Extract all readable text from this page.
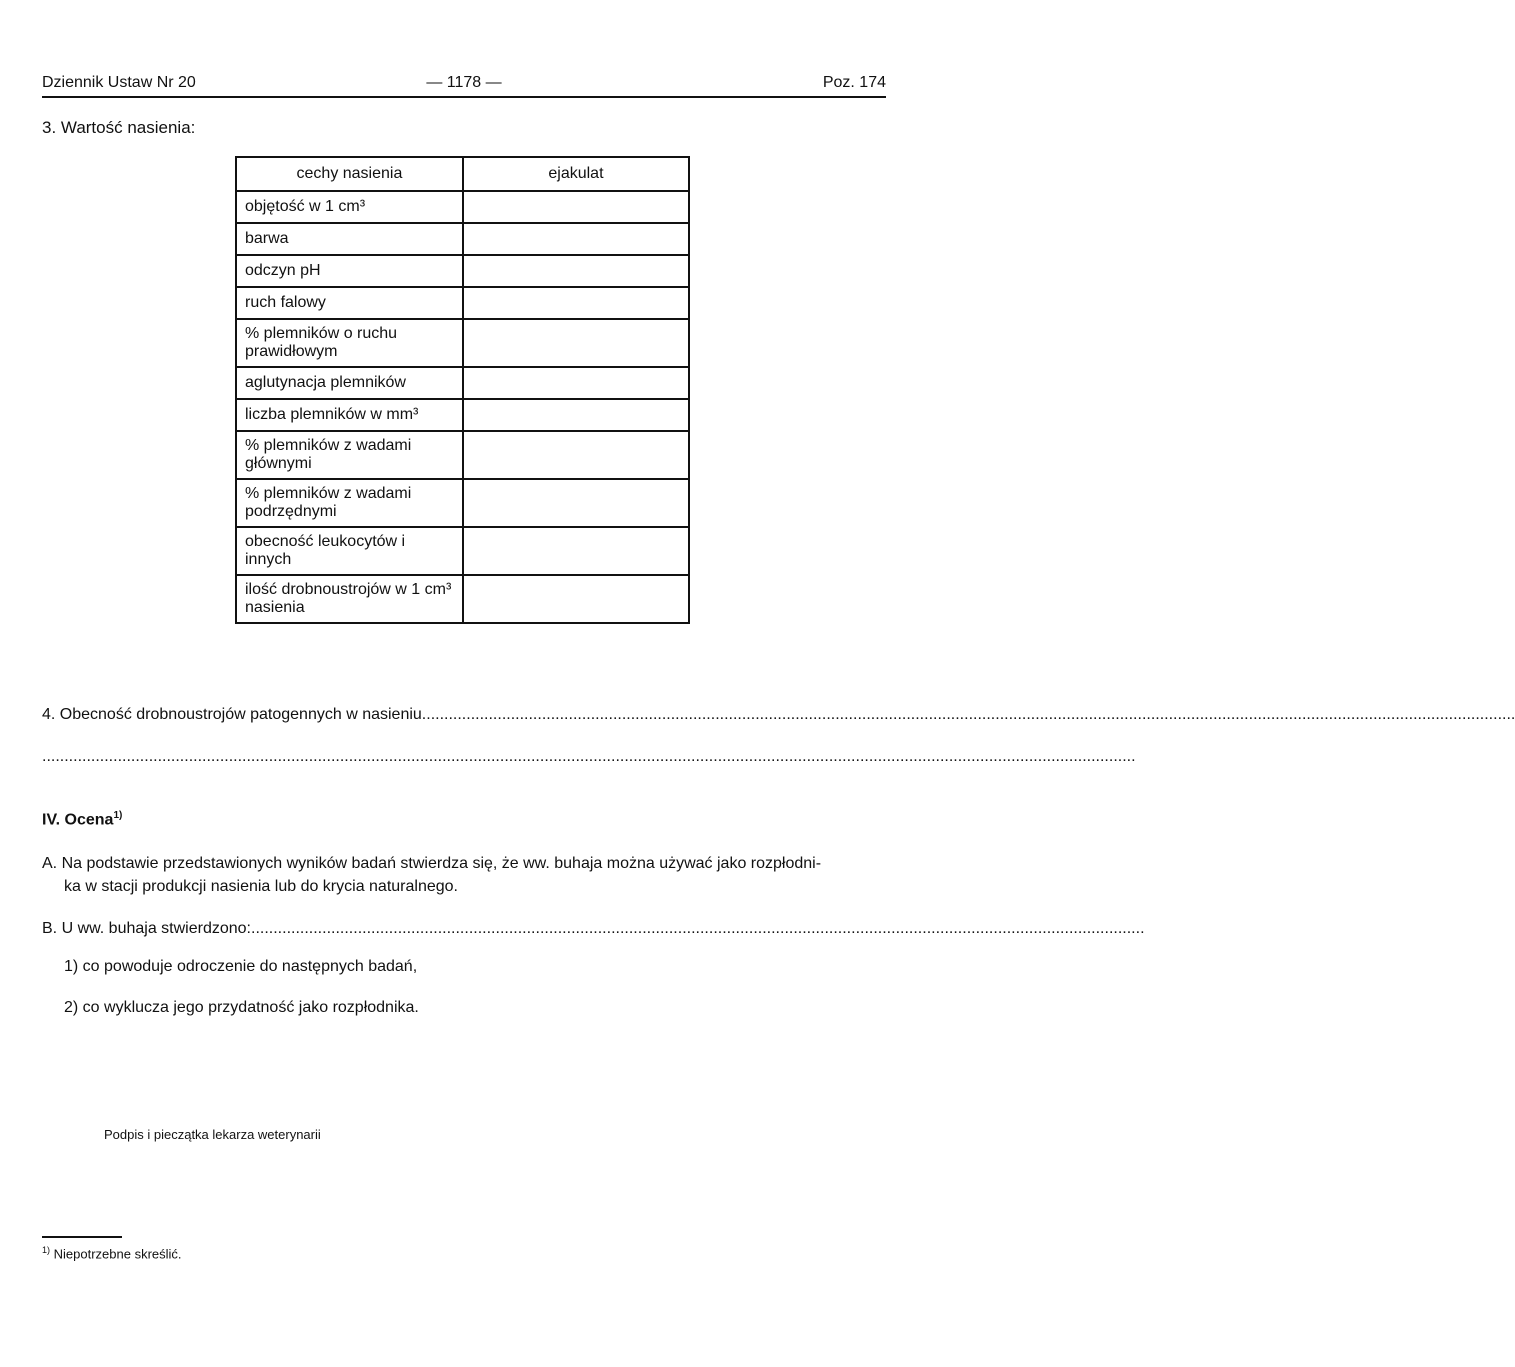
Dziennik Ustaw Nr 20	— 1178 —	Poz. 174
3. Wartość nasienia:
cechy nasienia	ejakulat
objętość w 1 cm³	
barwa	
odczyn pH	
ruch falowy	
% plemników o ruchu prawidłowym	
aglutynacja plemników	
liczba plemników w mm³	
% plemników z wadami głównymi	
% plemników z wadami podrzędnymi	
obecność leukocytów i innych	
ilość drobnoustrojów w 1 cm³ nasienia	
4. Obecność drobnoustrojów patogennych w nasieniu......................................................................................................................................................................................................................................................
......................................................................................................................................................................................................................................................
IV. Ocena$^{1)}$
A. Na podstawie przedstawionych wyników badań stwierdza się, że ww. buhaja można używać jako rozpłodni-
ka w stacji produkcji nasienia lub do krycia naturalnego.
B. U ww. buhaja stwierdzono:.........................................................................................................................................................................................................
1) co powoduje odroczenie do następnych badań,
2) co wyklucza jego przydatność jako rozpłodnika.
Podpis i pieczątka lekarza weterynarii
$^{1)}$ Niepotrzebne skreślić.
